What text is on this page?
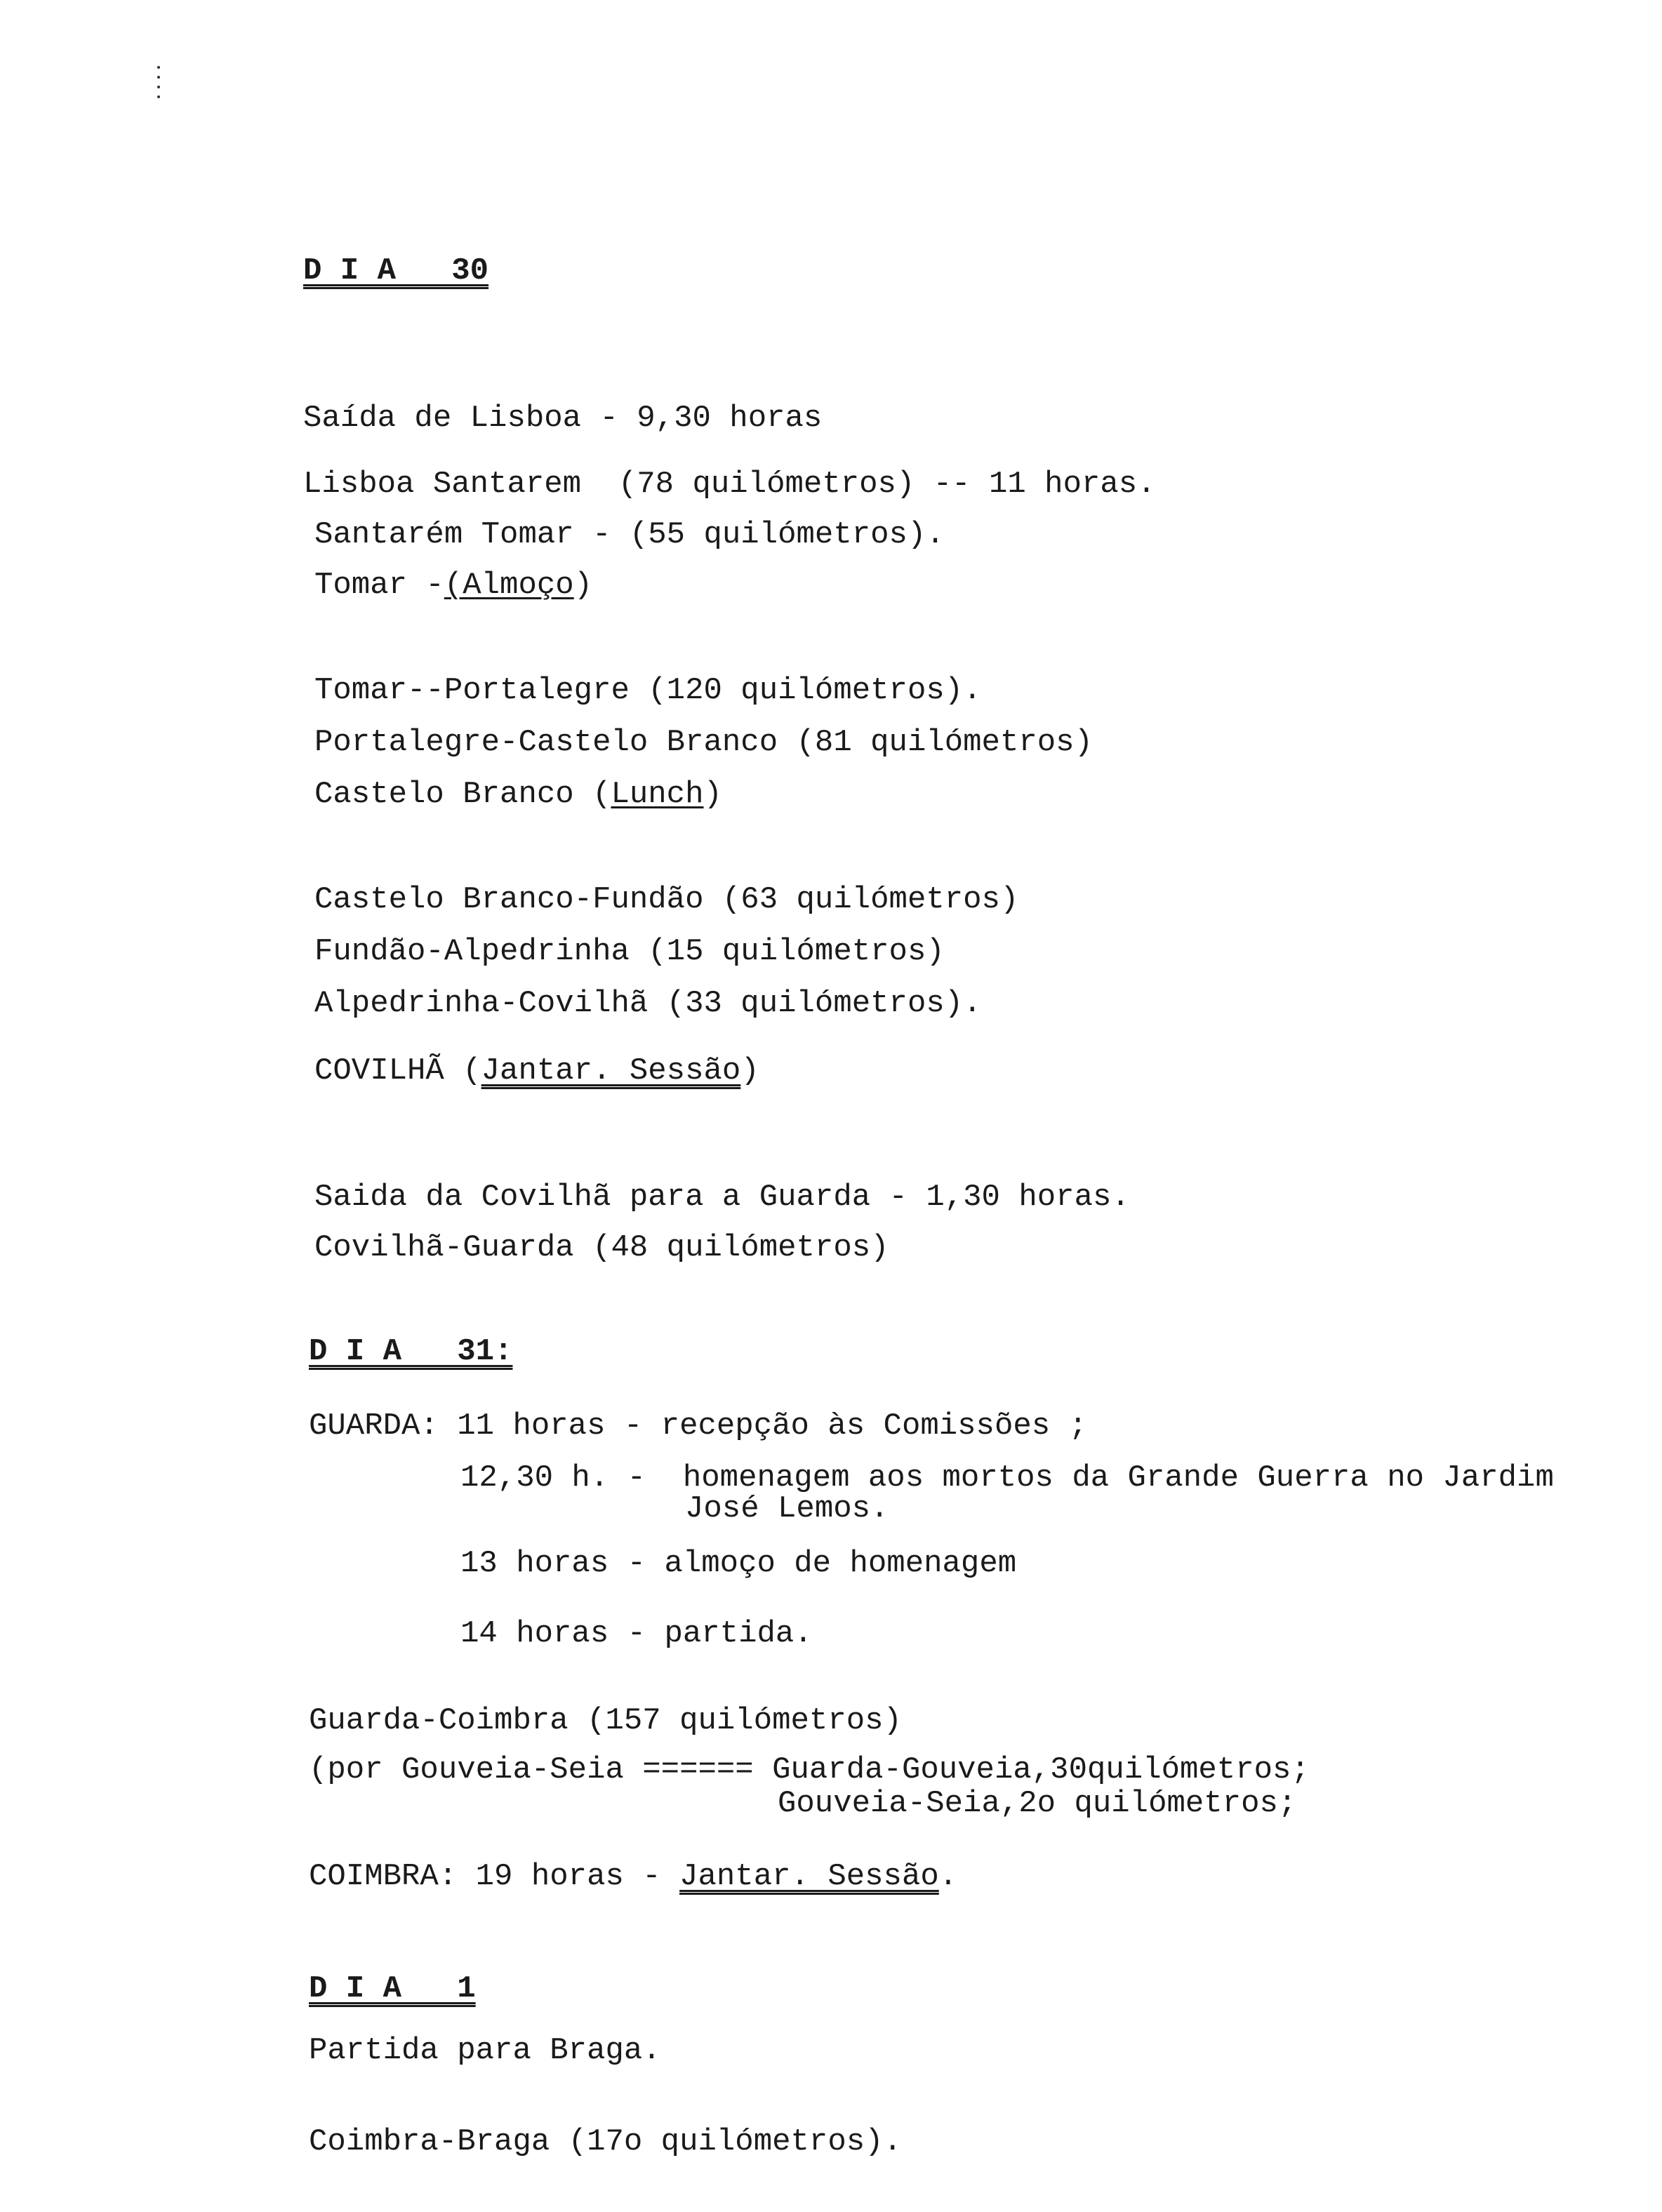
D I A   30
Saída de Lisboa - 9,30 horas
Lisboa Santarem  (78 quilómetros) -- 11 horas.
Santarém Tomar - (55 quilómetros).
Tomar -(Almoço)
Tomar--Portalegre (120 quilómetros).
Portalegre-Castelo Branco (81 quilómetros)
Castelo Branco (Lunch)
Castelo Branco-Fundão (63 quilómetros)
Fundão-Alpedrinha (15 quilómetros)
Alpedrinha-Covilhã (33 quilómetros).
COVILHÃ (Jantar. Sessão)
Saida da Covilhã para a Guarda - 1,30 horas.
Covilhã-Guarda (48 quilómetros)
D I A   31:
GUARDA: 11 horas - recepção às Comissões ;
12,30 h. -  homenagem aos mortos da Grande Guerra no Jardim
José Lemos.
13 horas - almoço de homenagem
14 horas - partida.
Guarda-Coimbra (157 quilómetros)
(por Gouveia-Seia ====== Guarda-Gouveia,30quilómetros;
Gouveia-Seia,2o quilómetros;
COIMBRA: 19 horas - Jantar. Sessão.
D I A   1
Partida para Braga.
Coimbra-Braga (17o quilómetros).
